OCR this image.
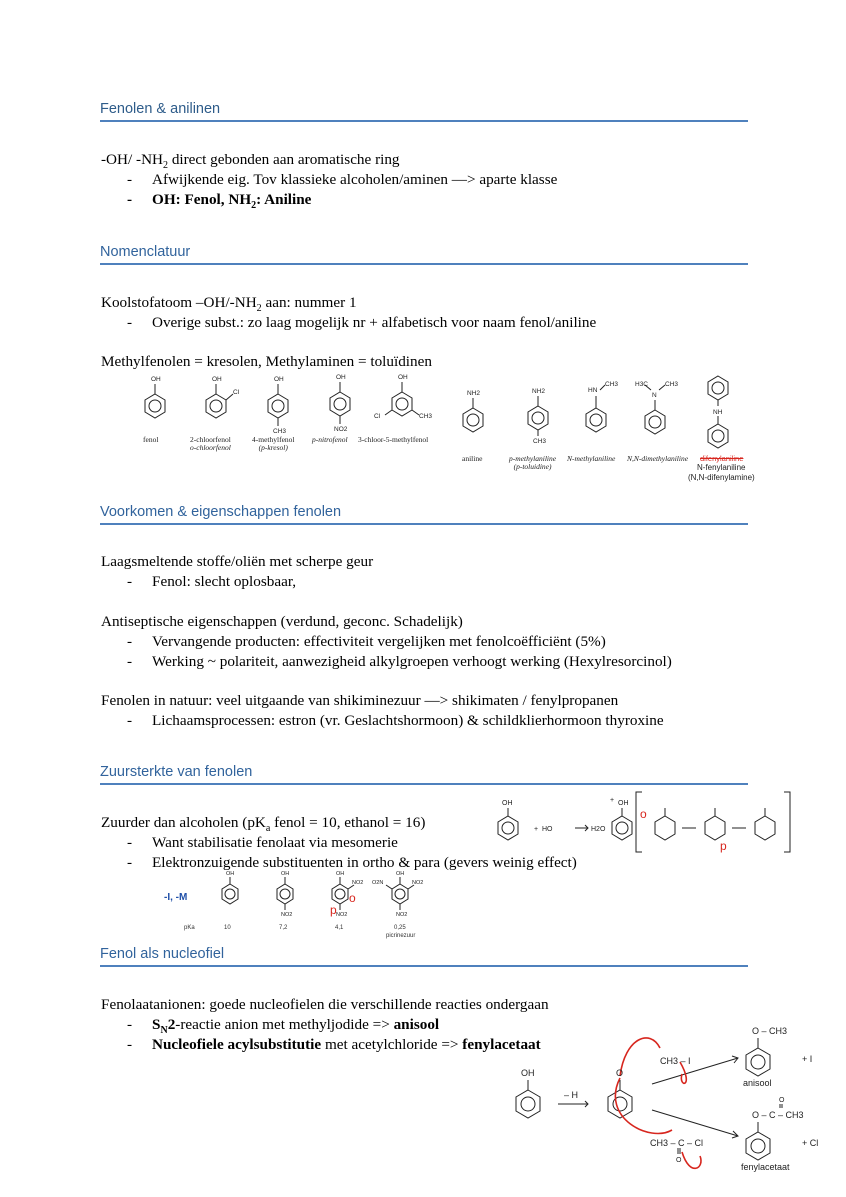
Fenolen & anilinen
-OH/ $-NH_2$ direct gebonden aan aromatische ring
- Afwijkende eig. Tov klassieke alcoholen/aminen —> aparte klasse
- OH: Fenol, $NH_2$: Aniline
Nomenclatuur
Koolstofatoom $-OH/-NH_2$ aan: nummer 1
- Overige subst.: zo laag mogelijk nr + alfabetisch voor naam fenol/aniline
Methylfenolen = kresolen, Methylaminen = toluïdinen
OH	OH
Cl
OH
CH3
OH
NO2
OH
Cl	CH3
fenol	2-chloorfenol
o-chloorfenol
4-methylfenol
(p-kresol)
p-nitrofenol 3-chloor-5-methylfenol
NH2	NH2
CH3
HN
CH3	H3C	CH3
N
NH
aniline	p-methylaniline
(p-toluidine)
N-methylaniline N,N-dimethylaniline difenylaniline
N-fenylaniline
(N,N-difenylamine)
Voorkomen & eigenschappen fenolen
Laagsmeltende stoffe/oliën met scherpe geur
- Fenol: slecht oplosbaar,
Antiseptische eigenschappen (verdund, geconc. Schadelijk)
- Vervangende producten: effectiviteit vergelijken met fenolcoëfficiënt (5%)
- Werking ~ polariteit, aanwezigheid alkylgroepen verhoogt werking (Hexylresorcinol)
Fenolen in natuur: veel uitgaande van shikiminezuur —> shikimaten / fenylpropanen
- Lichaamsprocessen: estron (vr. Geslachtshormoon) & schildklierhormoon thyroxine
Zuursterkte van fenolen
Zuurder dan alcoholen ($pK_a$ fenol = 10, ethanol = 16)
- Want stabilisatie fenolaat via mesomerie
- Elektronzuigende substituenten in ortho & para (gevers weinig effect)
OH
+ HO	H2O
+ OH
o
p
OH	OH
NO2
OH
NO2
NO2
OH
NO2
O2N
NO2
-I, -M	o
p
pKa	10	7,2	4,1	0,25
picrinezuur
Fenol als nucleofiel
Fenolaatanionen: goede nucleofielen die verschillende reacties ondergaan
- $S_N2$-reactie anion met methyljodide => anisool
- Nucleofiele acylsubstitutie met acetylchloride => fenylacetaat
OH
– H
O
CH3 – I
O – CH3
anisool
+ I
O – C – CH3
CH3 – C – Cl
fenylacetaat
+ Cl
O
O
